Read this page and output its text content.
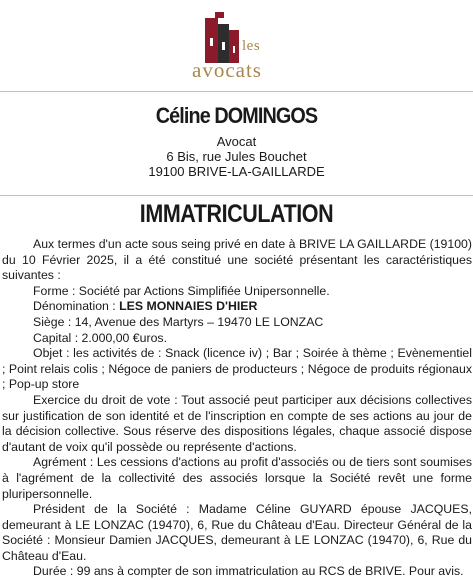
les
avocats
Céline DOMINGOS
Avocat
6 Bis, rue Jules Bouchet
19100 BRIVE-LA-GAILLARDE
IMMATRICULATION

Aux termes d'un acte sous seing privé en date à BRIVE LA GAILLARDE (19100) du 10 Février 2025, il a été constitué une société présentant les caractéristiques suivantes :

Forme : Société par Actions Simplifiée Unipersonnelle.

Dénomination : LES MONNAIES D'HIER

Siège : 14, Avenue des Martyrs – 19470 LE LONZAC

Capital : 2.000,00 €uros.

Objet : les activités de : Snack (licence iv) ; Bar ; Soirée à thème ; Evènementiel ; Point relais colis ; Négoce de paniers de producteurs ; Négoce de produits régionaux ; Pop-up store

Exercice du droit de vote : Tout associé peut participer aux décisions collectives sur justification de son identité et de l'inscription en compte de ses actions au jour de la décision collective. Sous réserve des dispositions légales, chaque associé dispose d'autant de voix qu'il possède ou représente d'actions.

Agrément : Les cessions d'actions au profit d'associés ou de tiers sont soumises à l'agrément de la collectivité des associés lorsque la Société revêt une forme pluripersonnelle.

Président de la Société : Madame Céline GUYARD épouse JACQUES, demeurant à LE LONZAC (19470), 6, Rue du Château d'Eau. Directeur Général de la Société : Monsieur Damien JACQUES, demeurant à LE LONZAC (19470), 6, Rue du Château d'Eau.

Durée : 99 ans à compter de son immatriculation au RCS de BRIVE. Pour avis.
